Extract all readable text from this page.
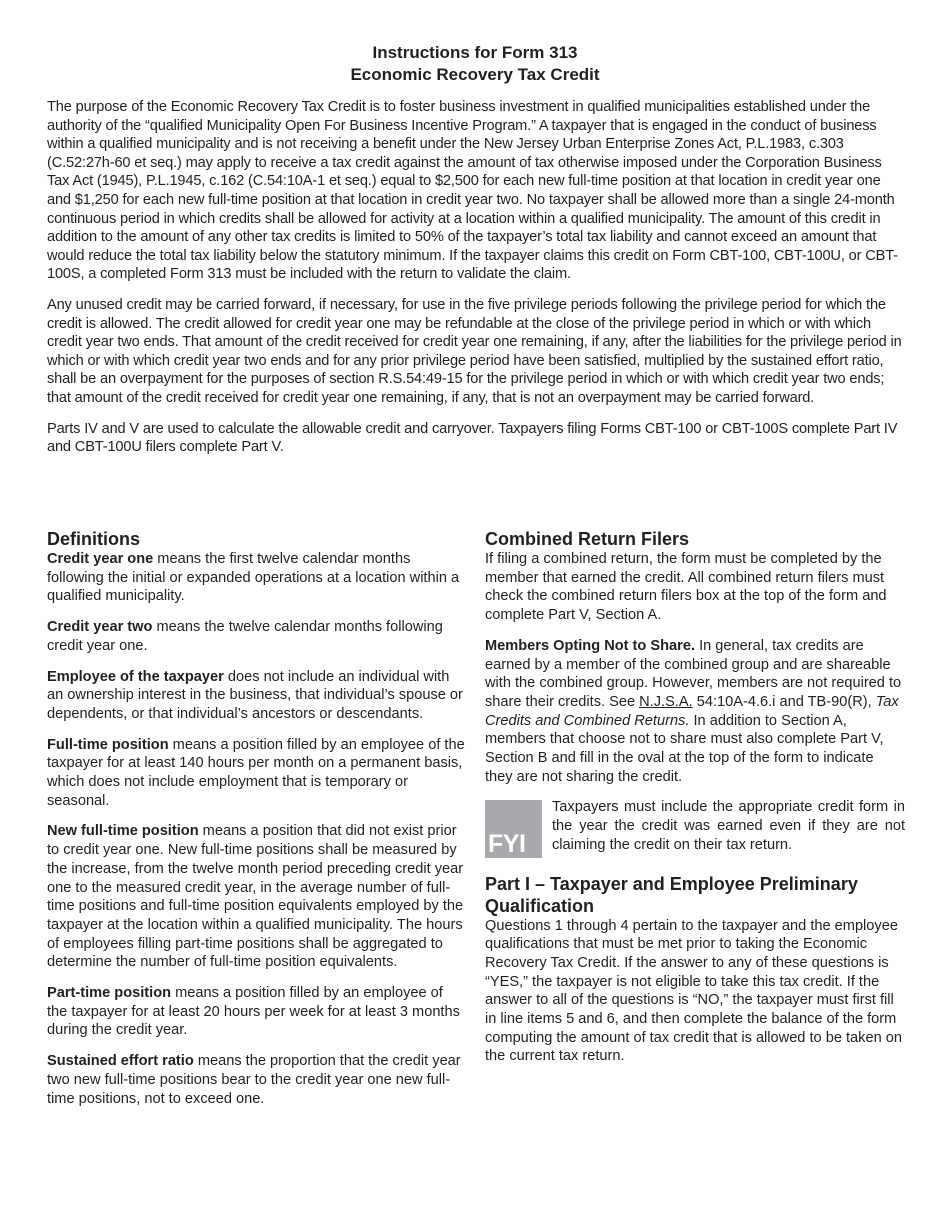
Instructions for Form 313
Economic Recovery Tax Credit

The purpose of the Economic Recovery Tax Credit is to foster business investment in qualified municipalities established under the authority of the “qualified Municipality Open For Business Incentive Program.” A taxpayer that is engaged in the conduct of business within a qualified municipality and is not receiving a benefit under the New Jersey Urban Enterprise Zones Act, P.L.1983, c.303 (C.52:27h-60 et seq.) may apply to receive a tax credit against the amount of tax otherwise imposed under the Corporation Business Tax Act (1945), P.L.1945, c.162 (C.54:10A-1 et seq.) equal to $2,500 for each new full-time position at that location in credit year one and $1,250 for each new full-time position at that location in credit year two. No taxpayer shall be allowed more than a single 24-month continuous period in which credits shall be allowed for activity at a location within a qualified municipality. The amount of this credit in addition to the amount of any other tax credits is limited to 50% of the taxpayer’s total tax liability and cannot exceed an amount that would reduce the total tax liability below the statutory minimum. If the taxpayer claims this credit on Form CBT-100, CBT-100U, or CBT-100S, a completed Form 313 must be included with the return to validate the claim.

Any unused credit may be carried forward, if necessary, for use in the five privilege periods following the privilege period for which the credit is allowed. The credit allowed for credit year one may be refundable at the close of the privilege period in which or with which credit year two ends. That amount of the credit received for credit year one remaining, if any, after the liabilities for the privilege period in which or with which credit year two ends and for any prior privilege period have been satisfied, multiplied by the sustained effort ratio, shall be an overpayment for the purposes of section R.S.54:49-15 for the privilege period in which or with which credit year two ends; that amount of the credit received for credit year one remaining, if any, that is not an overpayment may be carried forward.

Parts IV and V are used to calculate the allowable credit and carryover. Taxpayers filing Forms CBT-100 or CBT-100S complete Part IV and CBT-100U filers complete Part V.

Definitions

Credit year one means the first twelve calendar months following the initial or expanded operations at a location within a qualified municipality.

Credit year two means the twelve calendar months following credit year one.

Employee of the taxpayer does not include an individual with an ownership interest in the business, that individual’s spouse or dependents, or that individual’s ancestors or descendants.

Full-time position means a position filled by an employee of the taxpayer for at least 140 hours per month on a permanent basis, which does not include employment that is temporary or seasonal.

New full-time position means a position that did not exist prior to credit year one. New full-time positions shall be measured by the increase, from the twelve month period preceding credit year one to the measured credit year, in the average number of full-time positions and full-time position equivalents employed by the taxpayer at the location within a qualified municipality. The hours of employees filling part-time positions shall be aggregated to determine the number of full-time position equivalents.

Part-time position means a position filled by an employee of the taxpayer for at least 20 hours per week for at least 3 months during the credit year.

Sustained effort ratio means the proportion that the credit year two new full-time positions bear to the credit year one new full-time positions, not to exceed one.

Combined Return Filers

If filing a combined return, the form must be completed by the member that earned the credit. All combined return filers must check the combined return filers box at the top of the form and complete Part V, Section A.

Members Opting Not to Share. In general, tax credits are earned by a member of the combined group and are shareable with the combined group. However, members are not required to share their credits. See N.J.S.A. 54:10A-4.6.i and TB-90(R), Tax Credits and Combined Returns. In addition to Section A, members that choose not to share must also complete Part V, Section B and fill in the oval at the top of the form to indicate they are not sharing the credit.

FYI

Taxpayers must include the appropriate credit form in the year the credit was earned even if they are not claiming the credit on their tax return.

Part I – Taxpayer and Employee Preliminary Qualification

Questions 1 through 4 pertain to the taxpayer and the employee qualifications that must be met prior to taking the Economic Recovery Tax Credit. If the answer to any of these questions is “YES,” the taxpayer is not eligible to take this tax credit. If the answer to all of the questions is “NO,” the taxpayer must first fill in line items 5 and 6, and then complete the balance of the form computing the amount of tax credit that is allowed to be taken on the current tax return.
